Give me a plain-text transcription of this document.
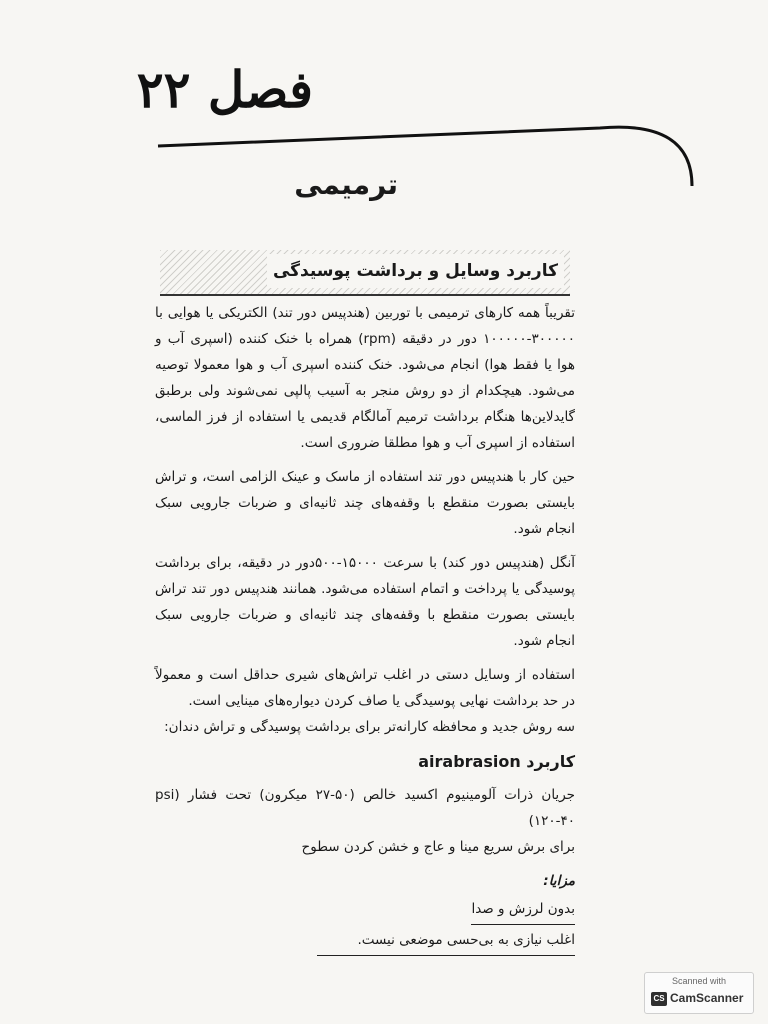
فصل ۲۲
ترمیمی
کاربرد وسایل و برداشت پوسیدگی

تقریباً همه کارهای ترمیمی با توربین (هندپیس دور تند) الکتریکی یا هوایی با ۳۰۰۰۰۰-۱۰۰۰۰۰ دور در دقیقه (rpm) همراه با خنک کننده (اسپری آب و هوا یا فقط هوا) انجام می‌شود. خنک کننده اسپری آب و هوا معمولا توصیه می‌شود. هیچکدام از دو روش منجر به آسیب پالپی نمی‌شوند ولی برطبق گایدلاین‌ها هنگام برداشت ترمیم آمالگام قدیمی یا استفاده از فرز الماسی، استفاده از اسپری آب و هوا مطلقا ضروری است.

حین کار با هندپیس دور تند استفاده از ماسک و عینک الزامی است، و تراش بایستی بصورت منقطع با وقفه‌های چند ثانیه‌ای و ضربات جارویی سبک انجام شود.

آنگل (هندپیس دور کند) با سرعت ۱۵۰۰۰-۵۰۰دور در دقیقه، برای برداشت پوسیدگی یا پرداخت و اتمام استفاده می‌شود. همانند هندپیس دور تند تراش بایستی بصورت منقطع با وقفه‌های چند ثانیه‌ای و ضربات جارویی سبک انجام شود.

استفاده از وسایل دستی در اغلب تراش‌های شیری حداقل است و معمولاً در حد برداشت نهایی پوسیدگی یا صاف کردن دیواره‌های مینایی است.

سه روش جدید و محافظه کارانه‌تر برای برداشت پوسیدگی و تراش دندان:

کاربرد airabrasion

جریان ذرات آلومینیوم اکسید خالص (۵۰-۲۷ میکرون) تحت فشار (psi ۱۲۰-۴۰)

برای برش سریع مینا و عاج و خشن کردن سطوح

مزایا:
بدون لرزش و صدا
اغلب نیازی به بی‌حسی موضعی نیست.
Scanned with
CS CamScanner
